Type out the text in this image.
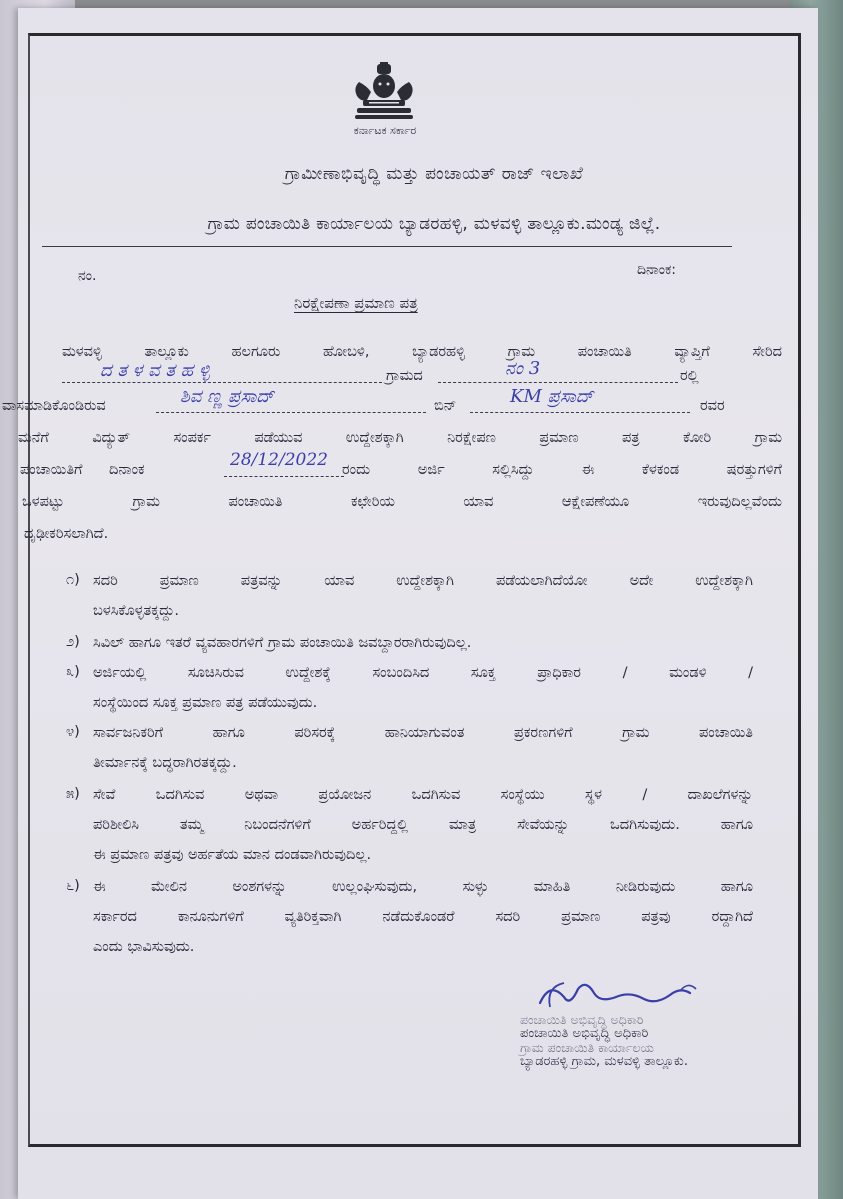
ಕರ್ನಾಟಕ ಸರ್ಕಾರ
ಗ್ರಾಮೀಣಾಭಿವೃದ್ಧಿ ಮತ್ತು ಪಂಚಾಯತ್ ರಾಜ್ ಇಲಾಖೆ
ಗ್ರಾಮ ಪಂಚಾಯಿತಿ ಕಾರ್ಯಾಲಯ ಬ್ಯಾಡರಹಳ್ಳಿ, ಮಳವಳ್ಳಿ ತಾಲ್ಲೂಕು.ಮಂಡ್ಯ ಜಿಲ್ಲೆ.
ನಂ.	ದಿನಾಂಕ:
ನಿರಕ್ಷೇಪಣಾ ಪ್ರಮಾಣ ಪತ್ರ
ಮಳವಳ್ಳಿ ತಾಲ್ಲೂಕು ಹಲಗೂರು ಹೋಬಳಿ, ಬ್ಯಾಡರಹಳ್ಳಿ ಗ್ರಾಮ ಪಂಚಾಯಿತಿ ವ್ಯಾಪ್ತಿಗೆ ಸೇರಿದ
ದ ತ ಳ ವ ತ ಹ ಳ್ಳಿ	ಗ್ರಾಮದ	ನಂ 3	ರಲ್ಲಿ
ವಾಸಮಾಡಿಕೊಂಡಿರುವ	ಶಿವ ಣ್ಣ ಪ್ರಸಾದ್	ಬಿನ್	KM ಪ್ರಸಾದ್	ರವರ
ಮನೆಗೆ ವಿದ್ಯುತ್ ಸಂಪರ್ಕ ಪಡೆಯುವ ಉದ್ದೇಶಕ್ಕಾಗಿ ನಿರಕ್ಷೇಪಣ ಪ್ರಮಾಣ ಪತ್ರ ಕೋರಿ ಗ್ರಾಮ
ಪಂಚಾಯಿತಿಗೆ ದಿನಾಂಕ	28/12/2022 ರಂದು ಅರ್ಜಿ ಸಲ್ಲಿಸಿದ್ದು ಈ ಕೆಳಕಂಡ ಷರತ್ತುಗಳಿಗೆ
ಒಳಪಟ್ಟು ಗ್ರಾಮ ಪಂಚಾಯಿತಿ ಕಛೇರಿಯ ಯಾವ ಆಕ್ಷೇಪಣೆಯೂ ಇರುವುದಿಲ್ಲವೆಂದು
ದೃಢೀಕರಿಸಲಾಗಿದೆ.
೧) ಸದರಿ ಪ್ರಮಾಣ ಪತ್ರವನ್ನು ಯಾವ ಉದ್ದೇಶಕ್ಕಾಗಿ ಪಡೆಯಲಾಗಿದೆಯೋ ಅದೇ ಉದ್ದೇಶಕ್ಕಾಗಿ
ಬಳಸಿಕೊಳ್ಳತಕ್ಕದ್ದು.
೨) ಸಿವಿಲ್ ಹಾಗೂ ಇತರೆ ವ್ಯವಹಾರಗಳಿಗೆ ಗ್ರಾಮ ಪಂಚಾಯಿತಿ ಜವಬ್ದಾರರಾಗಿರುವುದಿಲ್ಲ.
೩) ಅರ್ಜಿಯಲ್ಲಿ ಸೂಚಿಸಿರುವ ಉದ್ದೇಶಕ್ಕೆ ಸಂಬಂದಿಸಿದ ಸೂಕ್ತ ಪ್ರಾಧಿಕಾರ / ಮಂಡಳಿ /
ಸಂಸ್ಥೆಯಿಂದ ಸೂಕ್ತ ಪ್ರಮಾಣ ಪತ್ರ ಪಡೆಯುವುದು.
೪) ಸಾರ್ವಜನಿಕರಿಗೆ ಹಾಗೂ ಪರಿಸರಕ್ಕೆ ಹಾನಿಯಾಗುವಂತ ಪ್ರಕರಣಗಳಿಗೆ ಗ್ರಾಮ ಪಂಚಾಯಿತಿ
ತೀರ್ಮಾನಕ್ಕೆ ಬದ್ಧರಾಗಿರತಕ್ಕದ್ದು.
೫) ಸೇವೆ ಒದಗಿಸುವ ಅಥವಾ ಪ್ರಯೋಜನ ಒದಗಿಸುವ ಸಂಸ್ಥೆಯು ಸ್ಥಳ / ದಾಖಲೆಗಳನ್ನು
ಪರಿಶೀಲಿಸಿ ತಮ್ಮ ನಿಬಂದನೆಗಳಿಗೆ ಅರ್ಹರಿದ್ದಲ್ಲಿ ಮಾತ್ರ ಸೇವೆಯನ್ನು ಒದಗಿಸುವುದು. ಹಾಗೂ
ಈ ಪ್ರಮಾಣ ಪತ್ರವು ಅರ್ಹತೆಯ ಮಾನ ದಂಡವಾಗಿರುವುದಿಲ್ಲ.
೬) ಈ ಮೇಲಿನ ಅಂಶಗಳನ್ನು ಉಲ್ಲಂಘಿಸುವುದು, ಸುಳ್ಳು ಮಾಹಿತಿ ನೀಡಿರುವುದು ಹಾಗೂ
ಸರ್ಕಾರದ ಕಾನೂನುಗಳಿಗೆ ವ್ಯತಿರಿಕ್ತವಾಗಿ ನಡೆದುಕೊಂಡರೆ ಸದರಿ ಪ್ರಮಾಣ ಪತ್ರವು ರದ್ದಾಗಿದೆ
ಎಂದು ಭಾವಿಸುವುದು.
ಪಂಚಾಯಿತಿ ಅಭಿವೃದ್ಧಿ ಅಧಿಕಾರಿ
ಪಂಚಾಯಿತಿ ಅಭಿವೃದ್ಧಿ ಅಧಿಕಾರಿ
ಗ್ರಾಮ ಪಂಚಾಯಿತಿ ಕಾರ್ಯಾಲಯ
ಬ್ಯಾಡರಹಳ್ಳಿ ಗ್ರಾಮ, ಮಳವಳ್ಳಿ ತಾಲ್ಲೂಕು.
